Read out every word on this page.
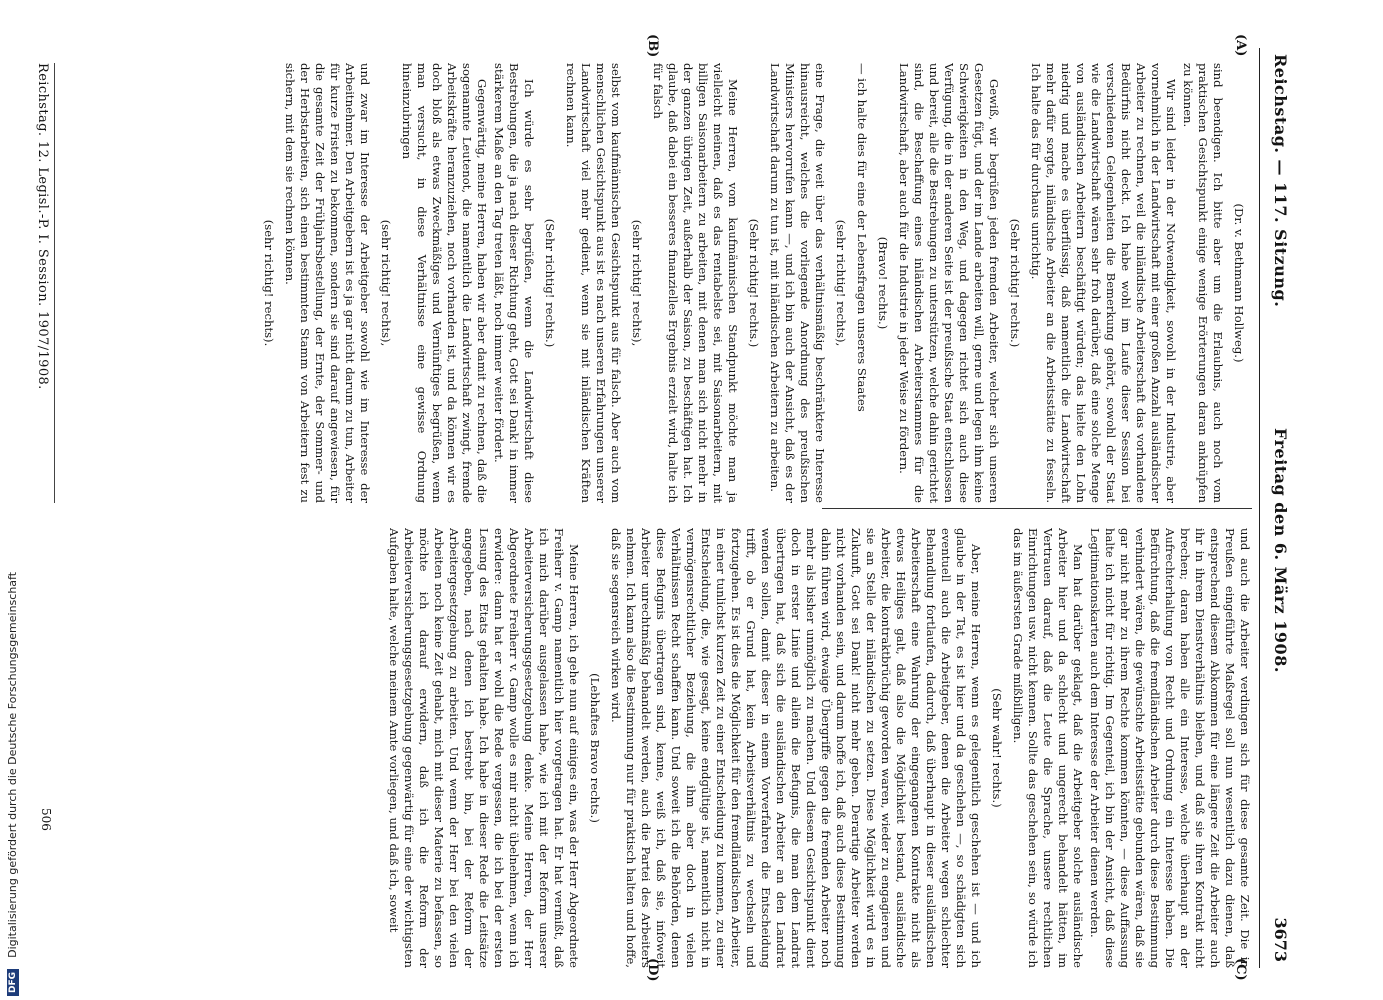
DFG Digitalisierung gefördert durch die Deutsche Forschungsgemeinschaft
Reichstag. — 117. Sitzung.
Freitag den 6. März 1908.
3673
(A)
(B)
(C)
(D)

(Dr. v. Bethmann Hollweg.)

sind beendigen. Ich bitte aber um die Erlaubnis, auch noch vom praktischen Gesichtspunkt einige wenige Erörterungen daran anknüpfen zu können.

Wir sind leider in der Notwendigkeit, sowohl in der Industrie, aber vornehmlich in der Landwirtschaft mit einer großen Anzahl ausländischer Arbeiter zu rechnen, weil die inländische Arbeiterschaft das vorhandene Bedürfnis nicht deckt. Ich habe wohl im Laufe dieser Session bei verschiedenen Gelegenheiten die Bemerkung gehört, sowohl der Staat wie die Landwirtschaft wären sehr froh darüber, daß eine solche Menge von ausländischen Arbeitern beschäftigt würden; das hielte den Lohn niedrig und mache es überflüssig, daß namentlich die Landwirtschaft mehr dafür sorgte, inländische Arbeiter an die Arbeitsstätte zu fesseln. Ich halte das für durchaus unrichtig.

(Sehr richtig! rechts.)

Gewiß, wir begrüßen jeden fremden Arbeiter, welcher sich unseren Gesetzen fügt, und der im Lande arbeiten will, gerne und legen ihm keine Schwierigkeiten in den Weg, und dagegen richtet sich auch diese Verfügung, die in der anderen Seite ist der preußische Staat entschlossen und bereit, alle die Bestrebungen zu unterstützen, welche dahin gerichtet sind, die Beschaffung eines inländischen Arbeiterstammes für die Landwirtschaft, aber auch für die Industrie in jeder Weise zu fördern.

(Bravo! rechts.)

— ich halte dies für eine der Lebensfragen unseres Staates

(sehr richtig! rechts),

eine Frage, die weit über das verhältnismäßig beschränktere Interesse hinausreicht, welches die vorliegende Anordnung des preußischen Ministers hervorrufen kann —, und ich bin auch der Ansicht, daß es der Landwirtschaft darum zu tun ist, mit inländischen Arbeitern zu arbeiten.

(Sehr richtig! rechts.)

Meine Herren, vom kaufmännischen Standpunkt möchte man ja vielleicht meinen, daß es das rentabelste sei, mit Saisonarbeitern, mit billigen Saisonarbeitern zu arbeiten, mit denen man sich nicht mehr in der ganzen übrigen Zeit, außerhalb der Saison, zu beschäftigen hat. Ich glaube, daß dabei ein besseres finanzielles Ergebnis erzielt wird, halte ich für falsch

(sehr richtig! rechts),

selbst vom kaufmännischen Gesichtspunkt aus für falsch. Aber auch vom menschlichen Gesichtspunkt aus ist es nach unseren Erfahrungen unserer Landwirtschaft viel mehr gedient, wenn sie mit inländischen Kräften rechnen kann.

(Sehr richtig! rechts.)

Ich würde es sehr begrüßen, wenn die Landwirtschaft diese Bestrebungen, die ja nach dieser Richtung geht, Gott sei Dank! in immer stärkerem Maße an den Tag treten läßt, noch immer weiter fördert.

Gegenwärtig, meine Herren, haben wir aber damit zu rechnen, daß die sogenannte Leutenot, die namentlich die Landwirtschaft zwingt, fremde Arbeitskräfte heranzuziehen, noch vorhanden ist, und da können wir es doch bloß als etwas Zweckmäßiges und Vernünftiges begrüßen, wenn man versucht, in diese Verhältnisse eine gewisse Ordnung hineinzubringen

(sehr richtig! rechts),

und zwar im Interesse der Arbeitgeber sowohl wie im Interesse der Arbeitnehmer. Den Arbeitgebern ist es ja gar nicht darum zu tun, Arbeiter für kurze Fristen zu bekommen, sondern sie sind darauf angewiesen, für die gesamte Zeit der Frühjahrsbestellung, der Ernte, der Sommer- und der Herbstarbeiten, sich einen bestimmten Stamm von Arbeitern fest zu sichern, mit dem sie rechnen können.

(sehr richtig! rechts).

und auch die Arbeiter verdingen sich für diese gesamte Zeit. Die in Preußen eingeführte Maßregel soll nun wesentlich dazu dienen, daß entsprechend diesem Abkommen für eine längere Zeit die Arbeiter auch ihr in ihrem Dienstverhältnis bleiben, und daß sie ihren Kontrakt nicht brechen; daran haben alle ein Interesse, welche überhaupt an der Aufrechterhaltung von Recht und Ordnung ein Interesse haben. Die Befürchtung, daß die fremdländischen Arbeiter durch diese Bestimmung verhindert wären, die gewünschte Arbeitsstätte gebunden wären, daß sie gar nicht mehr zu ihrem Rechte kommen könnten, — diese Auffassung halte ich nicht für richtig. Im Gegenteil, ich bin der Ansicht, daß diese Legitimationskarten auch dem Interesse der Arbeiter dienen werden.

Man hat darüber geklagt, daß die Arbeitgeber solche ausländische Arbeiter hier und da schlecht und ungerecht behandelt hätten, im Vertrauen darauf, daß die Leute die Sprache, unsere rechtlichen Einrichtungen usw. nicht kennen. Sollte das geschehen sein, so würde ich das im äußersten Grade mißbilligen.

(Sehr wahr! rechts.)

Aber, meine Herren, wenn es gelegentlich geschehen ist — und ich glaube in der Tat, es ist hier und da geschehen —, so schädigten sich eventuell auch die Arbeitgeber, denen die Arbeiter wegen schlechter Behandlung fortlaufen, dadurch, daß überhaupt in dieser ausländischen Arbeiterschaft eine Wahrung der eingegangenen Kontrakte nicht als etwas Heiliges galt, daß also die Möglichkeit bestand, ausländische Arbeiter, die kontraktbrüchig geworden waren, wieder zu engagieren und sie an Stelle der inländischen zu setzen. Diese Möglichkeit wird es in Zukunft, Gott sei Dank! nicht mehr geben. Derartige Arbeiter werden nicht vorhanden sein, und darum hoffe ich, daß auch diese Bestimmung dahin führen wird, etwaige Übergriffe gegen die fremden Arbeiter noch mehr als bisher unmöglich zu machen. Und diesem Gesichtspunkt dient doch in erster Linie und allein die Befugnis, die man dem Landrat übertragen hat, daß sich die ausländischen Arbeiter an den Landrat wenden sollen, damit dieser in einem Vorverfahren die Entscheidung trifft, ob er Grund hat, kein Arbeitsverhältnis zu wechseln und fortzugehen. Es ist dies die Möglichkeit für den fremdländischen Arbeiter, in einer tunlichst kurzen Zeit zu einer Entscheidung zu kommen, zu einer Entscheidung, die, wie gesagt, keine endgültige ist, namentlich nicht in vermögensrechtlicher Beziehung, die ihm aber doch in vielen Verhältnissen Recht schaffen kann. Und soweit ich die Behörden, denen diese Befugnis übertragen sind, kenne, weiß ich, daß sie, infoweit Arbeiter unrechtmäßig behandelt werden, auch die Partei des Arbeiters nehmen. Ich kann also die Bestimmung nur für praktisch halten und hoffe, daß sie segensreich wirken wird.

(Lebhaftes Bravo rechts.)

Meine Herren, ich gehe nun auf einiges ein, was der Herr Abgeordnete Freiherr v. Gamp namentlich hier vorgetragen hat. Er hat vermißt, daß ich mich darüber ausgelassen habe, wie ich mit der Reform unserer Arbeiterversicherungsgesetzgebung denke. Meine Herren, der Herr Abgeordnete Freiherr v. Gamp wolle es mir nicht übelnehmen, wenn ich erwidere: dann hat er wohl die Rede vergessen, die ich bei der ersten Lesung des Etats gehalten habe. Ich habe in dieser Rede die Leitsätze angegeben, nach denen ich bestrebt bin, bei der Reform der Arbeitergesetzgebung zu arbeiten. Und wenn der Herr bei den vielen Arbeiten noch keine Zeit gehabt, mich mit dieser Materie zu befassen, so möchte ich darauf erwidern, daß ich die Reform der Arbeiterversicherungsgesetzgebung gegenwärtig für eine der wichtigsten Aufgaben halte, welche meinem Amte vorliegen, und daß ich, soweit

Reichstag. 12. Legisl.-P. I. Session. 1907/1908.
506
